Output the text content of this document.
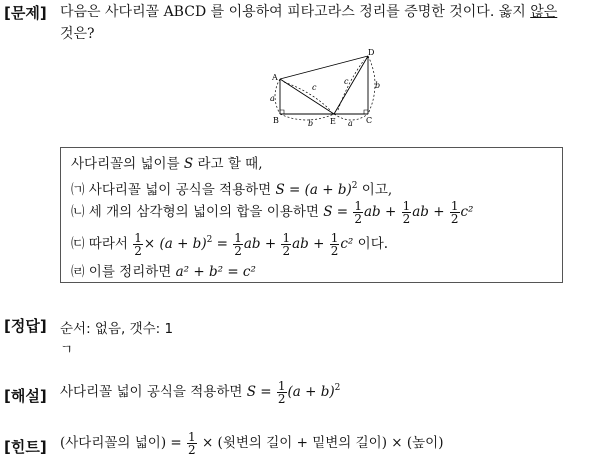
[문제] 다음은 사다리꼴 ABCD 를 이용하여 피타고라스 정리를 증명한 것이다. 옳지 않은
것은?
A
B	C
D
E
a
b
c
c
a
b
사다리꼴의 넓이를 S 라고 할 때,
㈀ 사다리꼴 넓이 공식을 적용하면 $S = (a + b)^2$ 이고,
㈁ 세 개의 삼각형의 넓이의 합을 이용하면 $S = \frac{1}{2}$ ab + $\frac{1}{2}$ ab + $\frac{1}{2} c^2$
㈂ 따라서 $\frac{1}{2} \times (a + b)^2 = \frac{1}{2}$ ab + $\frac{1}{2}$ ab + $\frac{1}{2} c^2$ 이다.
㈃ 이를 정리하면 a² + b² = c²
[정답] 순서: 없음, 갯수: 1
ㄱ
[해설] 사다리꼴 넓이 공식을 적용하면 $S = \frac{1}{2} (a + b)^2$
[힌트] (사다리꼴의 넓이) = $\frac{1}{2}$ × (윗변의 길이 + 밑변의 길이) × (높이)
